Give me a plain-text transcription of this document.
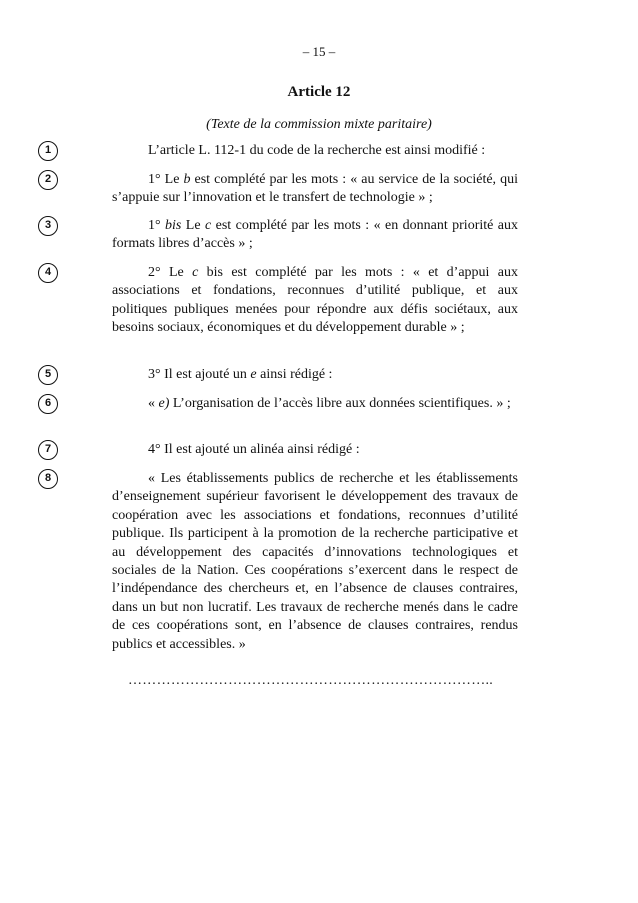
– 15 –
Article 12
(Texte de la commission mixte paritaire)
1	L’article L. 112-1 du code de la recherche est ainsi modifié :

2	1° Le b est complété par les mots : « au service de la société, qui s’appuie sur l’innovation et le transfert de technologie » ;

3	1° bis Le c est complété par les mots : « en donnant priorité aux formats libres d’accès » ;

4	2° Le c bis est complété par les mots : « et d’appui aux associations et fondations, reconnues d’utilité publique, et aux politiques publiques menées pour répondre aux défis sociétaux, aux besoins sociaux, économiques et du développement durable » ;

5	3° Il est ajouté un e ainsi rédigé :

6	« e) L’organisation de l’accès libre aux données scientifiques. » ;

7	4° Il est ajouté un alinéa ainsi rédigé :

8	« Les établissements publics de recherche et les établissements d’enseignement supérieur favorisent le développement des travaux de coopération avec les associations et fondations, reconnues d’utilité publique. Ils participent à la promotion de la recherche participative et au développement des capacités d’innovations technologiques et sociales de la Nation. Ces coopérations s’exercent dans le respect de l’indépendance des chercheurs et, en l’absence de clauses contraires, dans un but non lucratif. Les travaux de recherche menés dans le cadre de ces coopérations sont, en l’absence de clauses contraires, rendus publics et accessibles. »

…………………………………………………………………..
